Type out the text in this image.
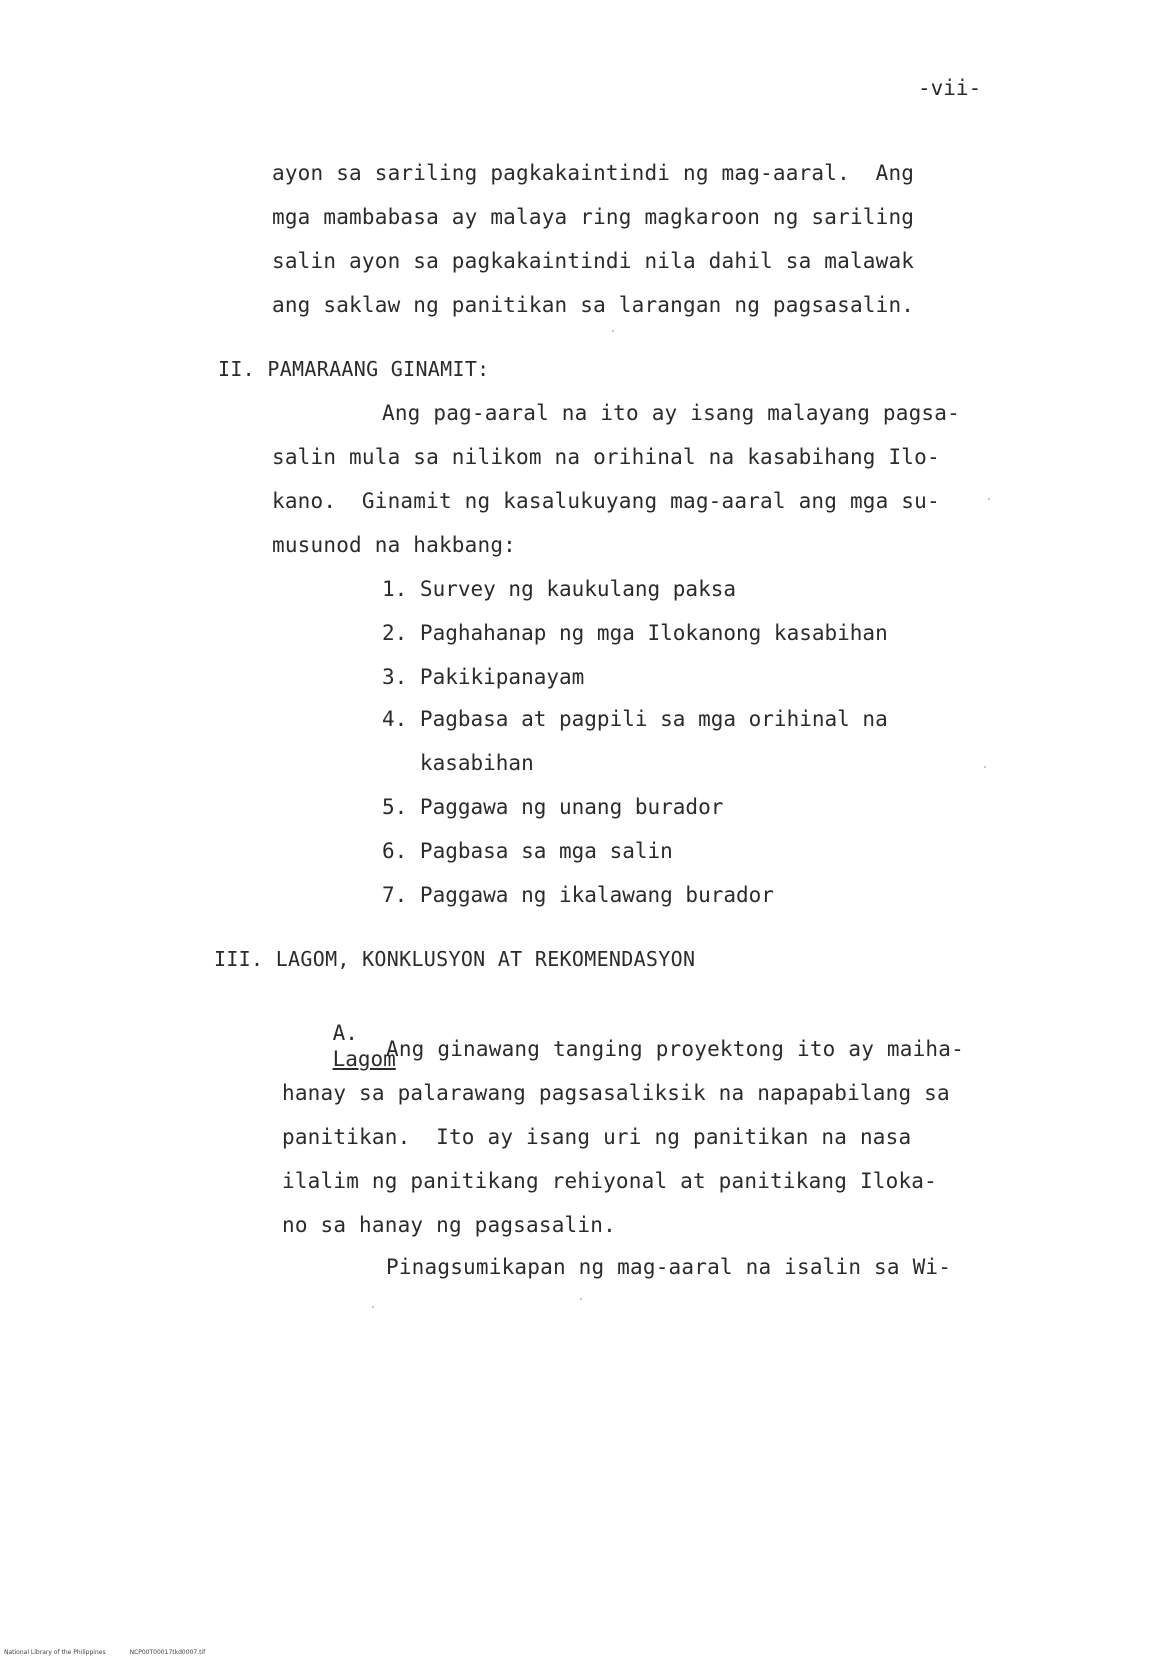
-vii-
ayon sa sariling pagkakaintindi ng mag-aaral.  Ang
mga mambabasa ay malaya ring magkaroon ng sariling
salin ayon sa pagkakaintindi nila dahil sa malawak
ang saklaw ng panitikan sa larangan ng pagsasalin.
II. PAMARAANG GINAMIT:
Ang pag-aaral na ito ay isang malayang pagsa-
salin mula sa nilikom na orihinal na kasabihang Ilo-
kano.  Ginamit ng kasalukuyang mag-aaral ang mga su-
musunod na hakbang:
1. Survey ng kaukulang paksa
2. Paghahanap ng mga Ilokanong kasabihan
3. Pakikipanayam
4. Pagbasa at pagpili sa mga orihinal na
kasabihan
5. Paggawa ng unang burador
6. Pagbasa sa mga salin
7. Paggawa ng ikalawang burador
III. LAGOM, KONKLUSYON AT REKOMENDASYON

A.
Lagom

Ang ginawang tanging proyektong ito ay maiha-
hanay sa palarawang pagsasaliksik na napapabilang sa
panitikan.  Ito ay isang uri ng panitikan na nasa
ilalim ng panitikang rehiyonal at panitikang Iloka-
no sa hanay ng pagsasalin.
Pinagsumikapan ng mag-aaral na isalin sa Wi-
National Library of the Philippines	NCP00T00017tkd0007.tif
